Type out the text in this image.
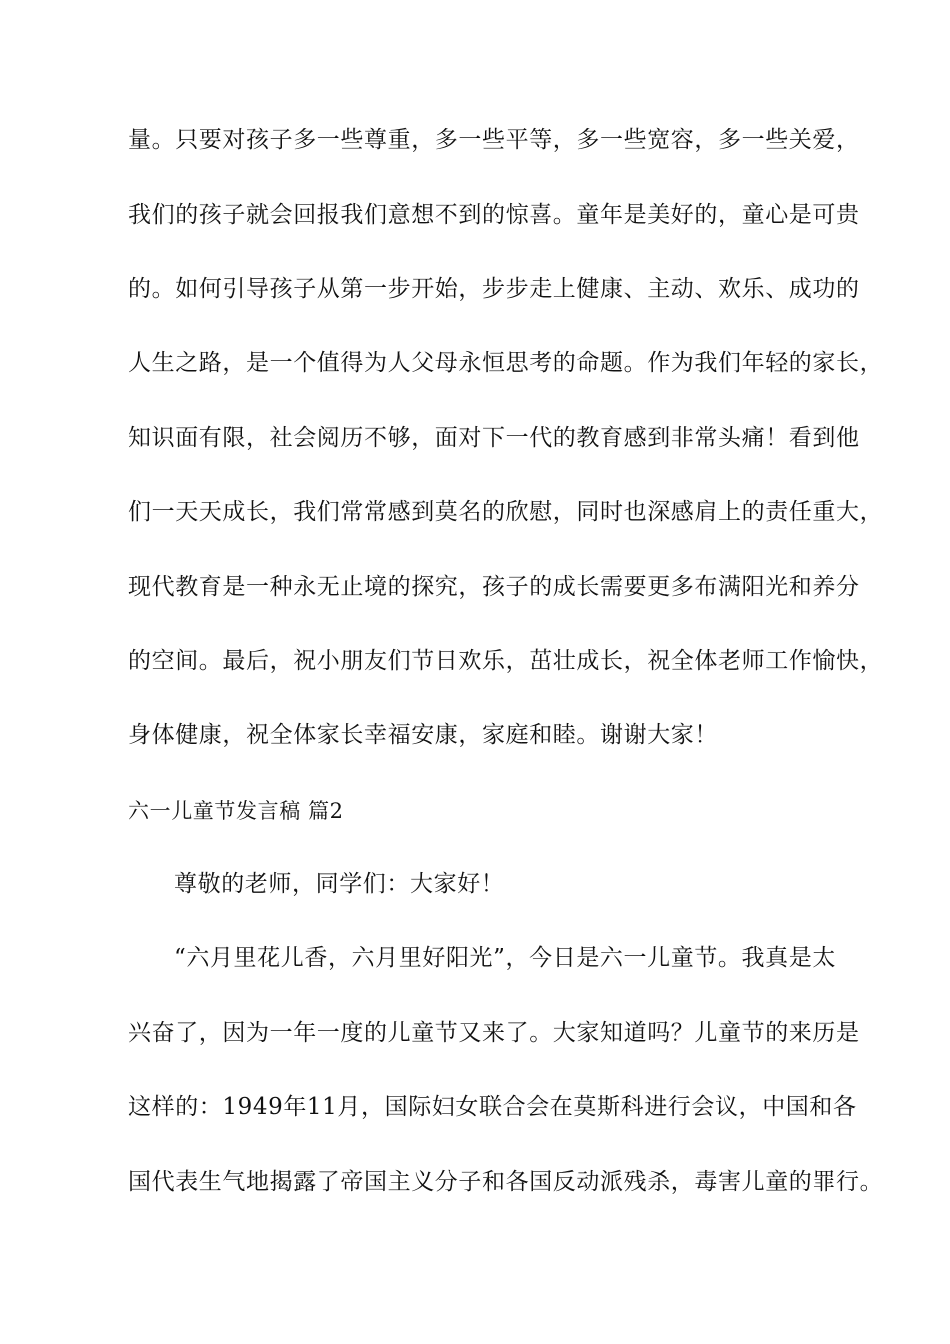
量。只要对孩子多一些尊重，多一些平等，多一些宽容，多一些关爱，
我们的孩子就会回报我们意想不到的惊喜。童年是美好的，童心是可贵
的。如何引导孩子从第一步开始，步步走上健康、主动、欢乐、成功的
人生之路，是一个值得为人父母永恒思考的命题。作为我们年轻的家长，
知识面有限，社会阅历不够，面对下一代的教育感到非常头痛！看到他
们一天天成长，我们常常感到莫名的欣慰，同时也深感肩上的责任重大，
现代教育是一种永无止境的探究，孩子的成长需要更多布满阳光和养分
的空间。最后，祝小朋友们节日欢乐，茁壮成长，祝全体老师工作愉快，
身体健康，祝全体家长幸福安康，家庭和睦。谢谢大家！
六一儿童节发言稿 篇2
尊敬的老师，同学们：大家好！
“六月里花儿香，六月里好阳光”，今日是六一儿童节。我真是太
兴奋了，因为一年一度的儿童节又来了。大家知道吗？儿童节的来历是
这样的：1949年11月，国际妇女联合会在莫斯科进行会议，中国和各
国代表生气地揭露了帝国主义分子和各国反动派残杀，毒害儿童的罪行。
